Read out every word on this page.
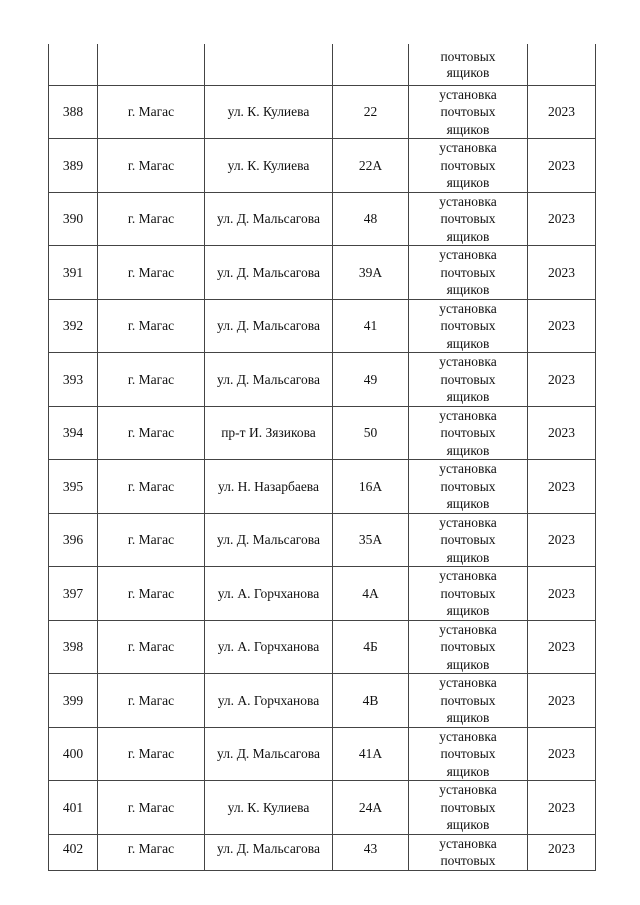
				почтовых
ящиков	

388	г. Магас	ул. К. Кулиева	22	установка
почтовых
ящиков	2023
389	г. Магас	ул. К. Кулиева	22А	установка
почтовых
ящиков	2023
390	г. Магас	ул. Д. Мальсагова	48	установка
почтовых
ящиков	2023
391	г. Магас	ул. Д. Мальсагова	39А	установка
почтовых
ящиков	2023
392	г. Магас	ул. Д. Мальсагова	41	установка
почтовых
ящиков	2023
393	г. Магас	ул. Д. Мальсагова	49	установка
почтовых
ящиков	2023
394	г. Магас	пр-т И. Зязикова	50	установка
почтовых
ящиков	2023
395	г. Магас	ул. Н. Назарбаева	16А	установка
почтовых
ящиков	2023
396	г. Магас	ул. Д. Мальсагова	35А	установка
почтовых
ящиков	2023
397	г. Магас	ул. А. Горчханова	4А	установка
почтовых
ящиков	2023
398	г. Магас	ул. А. Горчханова	4Б	установка
почтовых
ящиков	2023
399	г. Магас	ул. А. Горчханова	4В	установка
почтовых
ящиков	2023
400	г. Магас	ул. Д. Мальсагова	41А	установка
почтовых
ящиков	2023
401	г. Магас	ул. К. Кулиева	24А	установка
почтовых
ящиков	2023
402	г. Магас	ул. Д. Мальсагова	43	установка
почтовых	2023
